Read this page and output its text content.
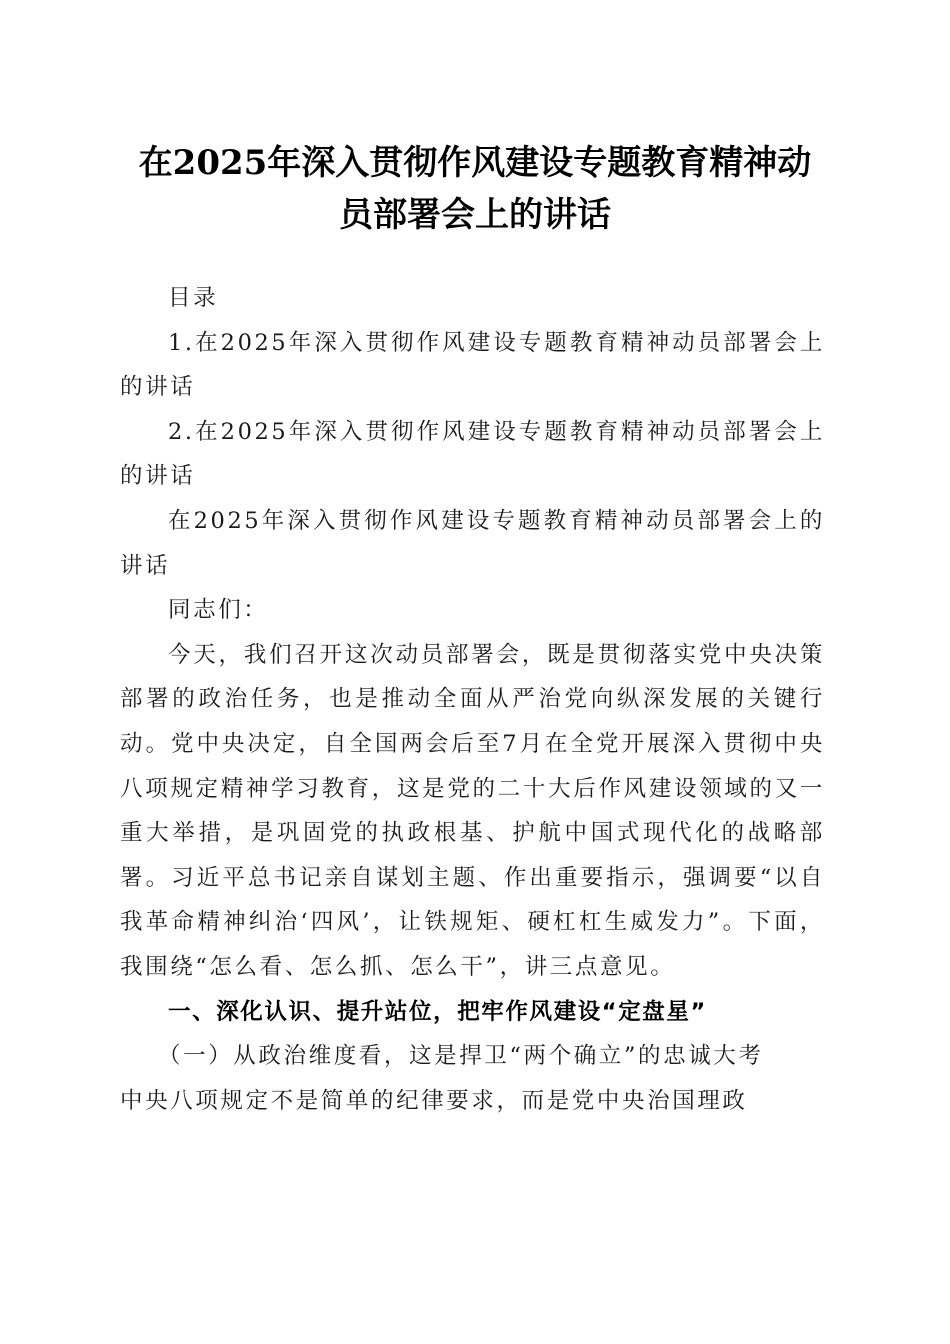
在2025年深入贯彻作风建设专题教育精神动
员部署会上的讲话

目录

1.在2025年深入贯彻作风建设专题教育精神动员部署会上的讲话

2.在2025年深入贯彻作风建设专题教育精神动员部署会上的讲话

在2025年深入贯彻作风建设专题教育精神动员部署会上的讲话

同志们：

今天，我们召开这次动员部署会，既是贯彻落实党中央决策部署的政治任务，也是推动全面从严治党向纵深发展的关键行动。党中央决定，自全国两会后至7月在全党开展深入贯彻中央八项规定精神学习教育，这是党的二十大后作风建设领域的又一重大举措，是巩固党的执政根基、护航中国式现代化的战略部署。习近平总书记亲自谋划主题、作出重要指示，强调要“以自我革命精神纠治‘四风’，让铁规矩、硬杠杠生威发力”。下面，我围绕“怎么看、怎么抓、怎么干”，讲三点意见。

一、深化认识、提升站位，把牢作风建设“定盘星”

（一）从政治维度看，这是捍卫“两个确立”的忠诚大考

中央八项规定不是简单的纪律要求，而是党中央治国理政
